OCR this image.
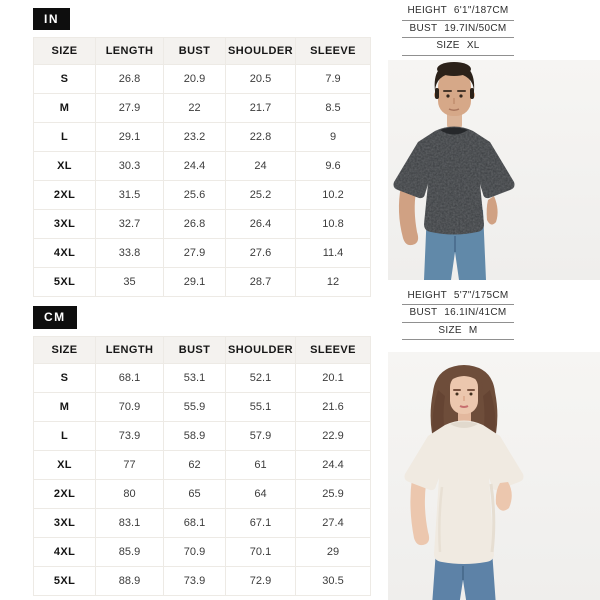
IN
SIZE	LENGTH	BUST	SHOULDER	SLEEVE
S	26.8	20.9	20.5	7.9
M	27.9	22	21.7	8.5
L	29.1	23.2	22.8	9
XL	30.3	24.4	24	9.6
2XL	31.5	25.6	25.2	10.2
3XL	32.7	26.8	26.4	10.8
4XL	33.8	27.9	27.6	11.4
5XL	35	29.1	28.7	12
CM
SIZE	LENGTH	BUST	SHOULDER	SLEEVE
S	68.1	53.1	52.1	20.1
M	70.9	55.9	55.1	21.6
L	73.9	58.9	57.9	22.9
XL	77	62	61	24.4
2XL	80	65	64	25.9
3XL	83.1	68.1	67.1	27.4
4XL	85.9	70.9	70.1	29
5XL	88.9	73.9	72.9	30.5
HEIGHT 6'1"/187CM
BUST 19.7IN/50CM
SIZE XL
HEIGHT 5'7"/175CM
BUST 16.1IN/41CM
SIZE M
